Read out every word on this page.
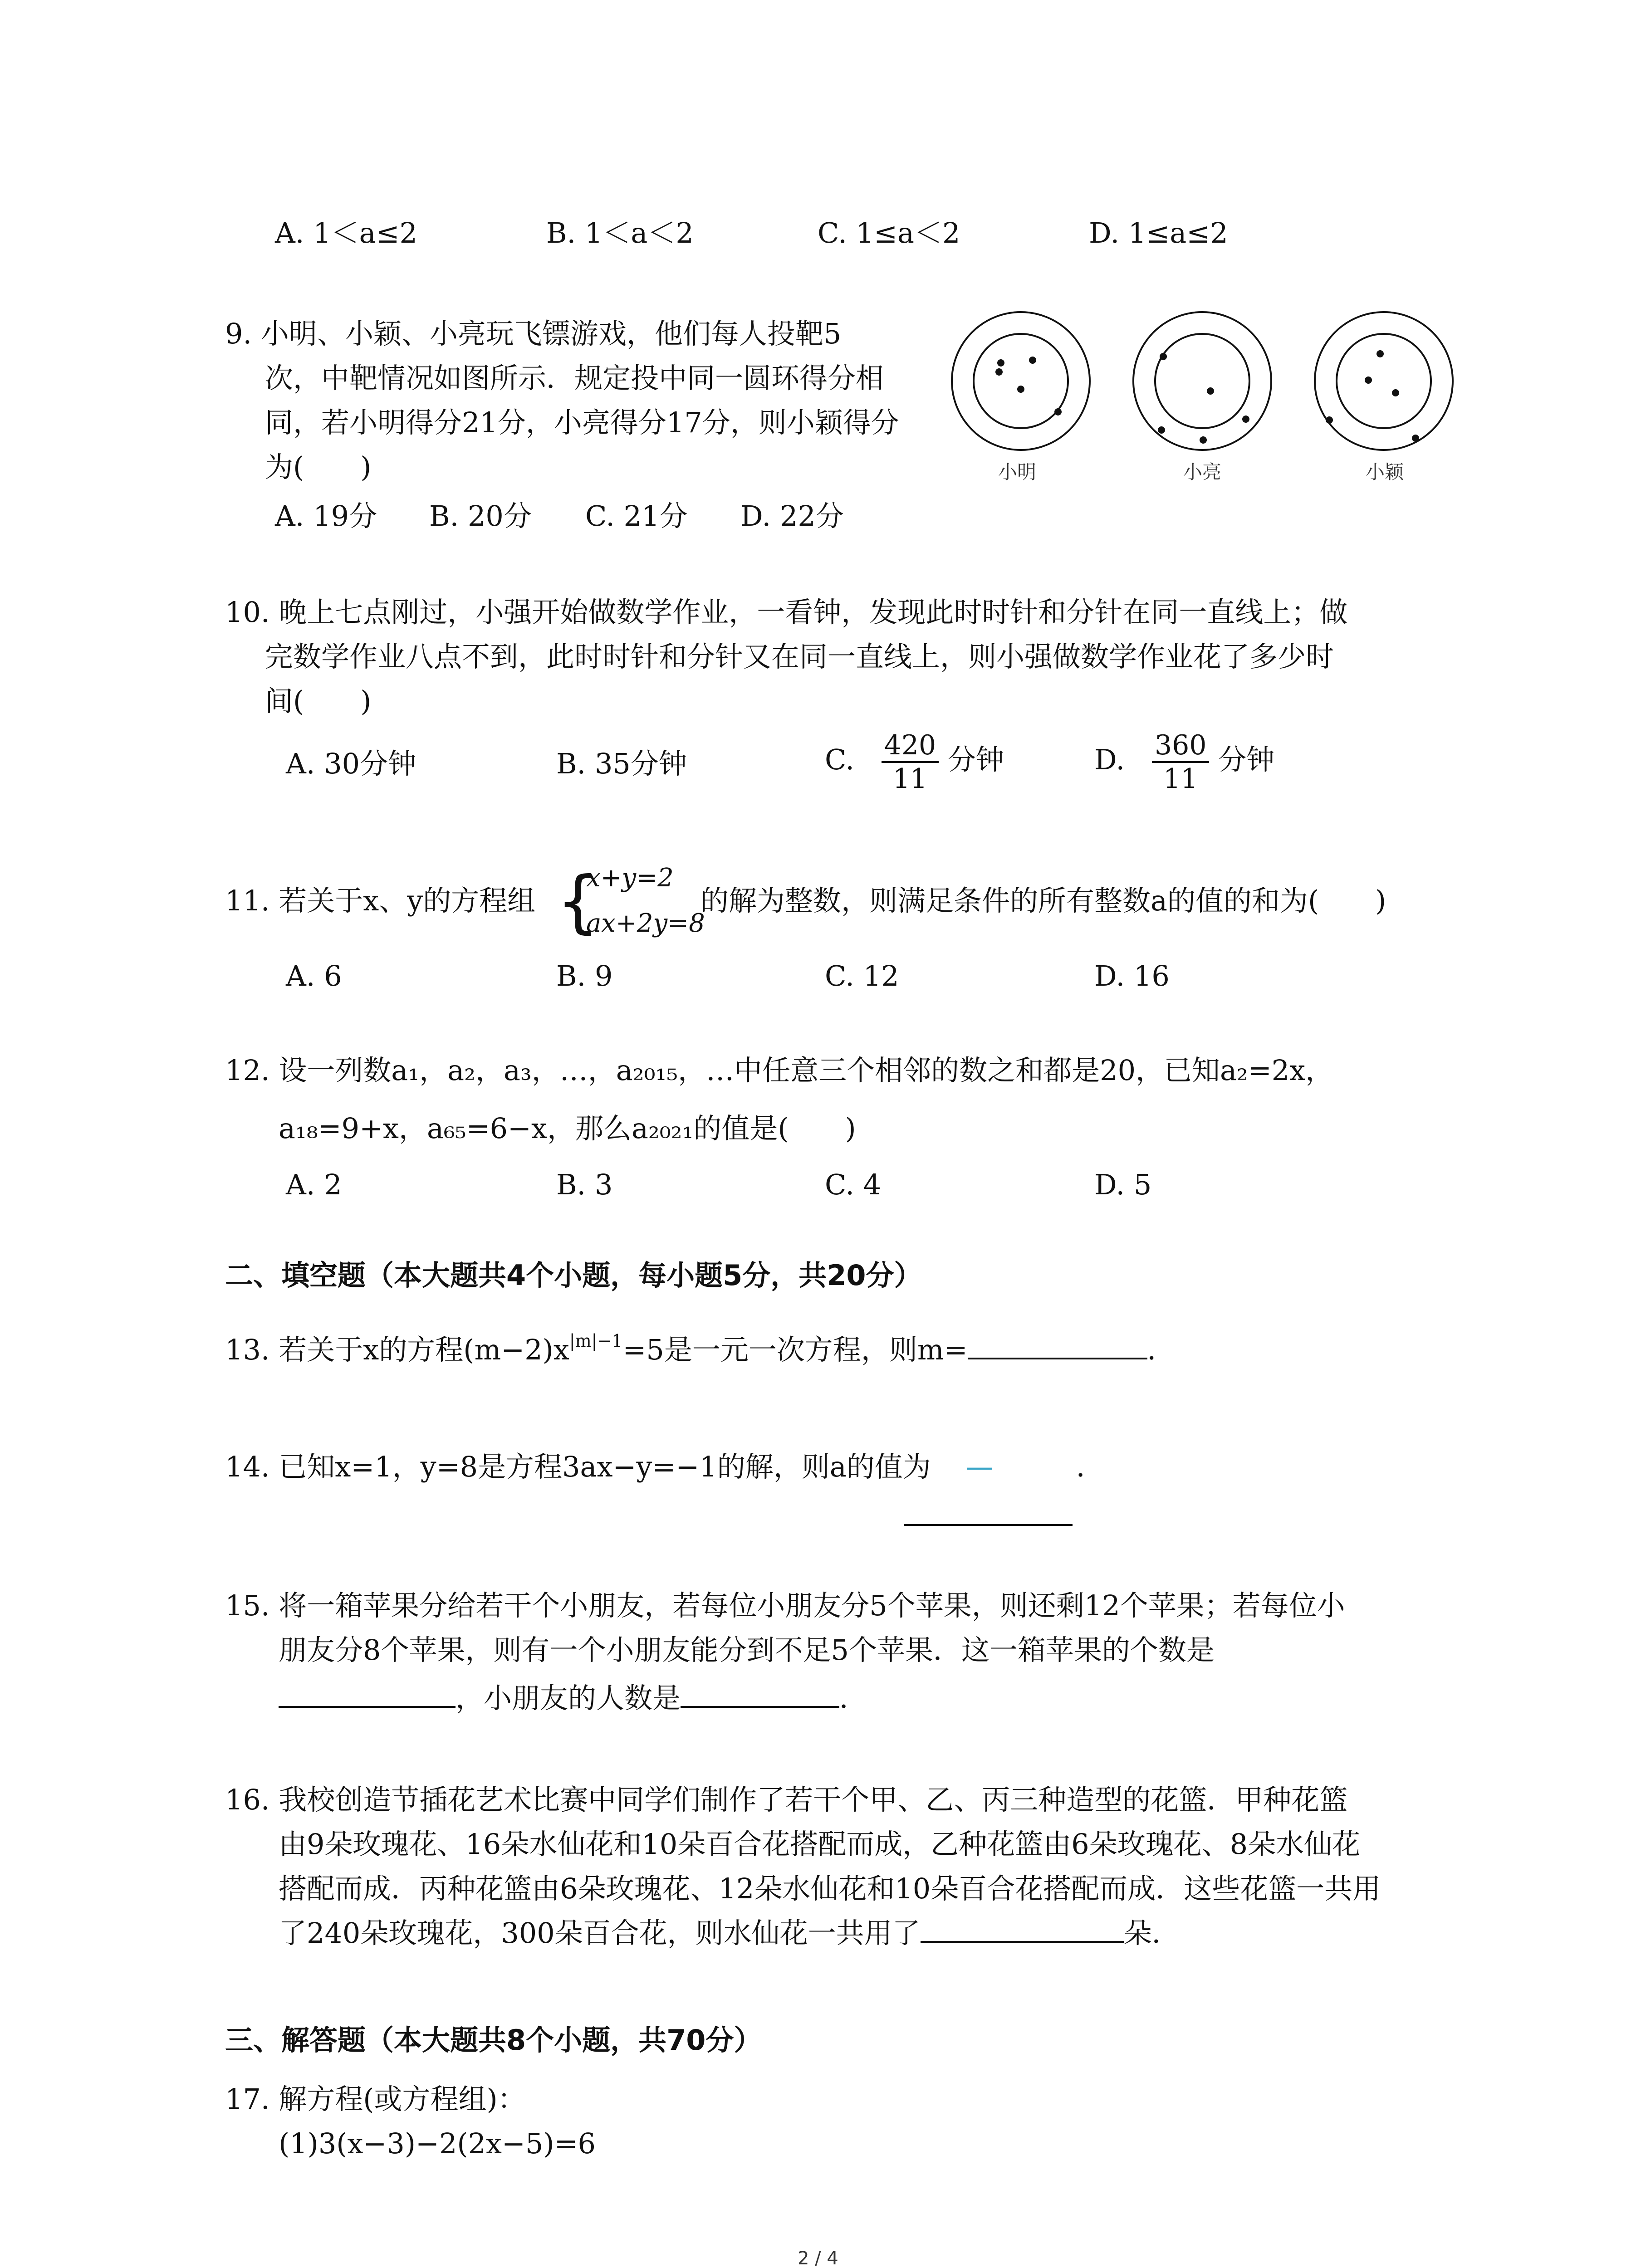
A. 1＜a≤2	B. 1＜a＜2	C. 1≤a＜2	D. 1≤a≤2
9. 小明、小颖、小亮玩飞镖游戏，他们每人投靶5
次，中靶情况如图所示．规定投中同一圆环得分相
同，若小明得分21分，小亮得分17分，则小颖得分
为(　　)
A. 19分 B. 20分 C. 21分 D. 22分
小明	小亮	小颖
10. 晚上七点刚过，小强开始做数学作业，一看钟，发现此时时针和分针在同一直线上；做
完数学作业八点不到，此时时针和分针又在同一直线上，则小强做数学作业花了多少时
间(　　)
A. 30分钟	B. 35分钟	C. $\frac{420}{11}$ 分钟	D. $\frac{360}{11}$ 分钟
11. 若关于x、y的方程组 {
x+y=2
ax+2y=8
的解为整数，则满足条件的所有整数a的值的和为(　　)
A. 6	B. 9	C. 12	D. 16
12. 设一列数a₁，a₂，a₃，…，a₂₀₁₅，…中任意三个相邻的数之和都是20，已知a₂=2x，
a₁₈=9+x，a₆₅=6−x，那么a₂₀₂₁的值是(　　)
A. 2	B. 3	C. 4	D. 5
二、填空题（本大题共4个小题，每小题5分，共20分）
13. 若关于x的方程$(m-2)x^{|m|-1}=5$是一元一次方程，则m=	．
14. 已知x=1，y=8是方程3ax−y=−1的解，则a的值为 —	．
15. 将一箱苹果分给若干个小朋友，若每位小朋友分5个苹果，则还剩12个苹果；若每位小
朋友分8个苹果，则有一个小朋友能分到不足5个苹果．这一箱苹果的个数是
，小朋友的人数是	．
16. 我校创造节插花艺术比赛中同学们制作了若干个甲、乙、丙三种造型的花篮．甲种花篮
由9朵玫瑰花、16朵水仙花和10朵百合花搭配而成，乙种花篮由6朵玫瑰花、8朵水仙花
搭配而成．丙种花篮由6朵玫瑰花、12朵水仙花和10朵百合花搭配而成．这些花篮一共用
了240朵玫瑰花，300朵百合花，则水仙花一共用了	朵．
三、解答题（本大题共8个小题，共70分）
17. 解方程(或方程组)：
(1)3(x−3)−2(2x−5)=6
2 / 4
